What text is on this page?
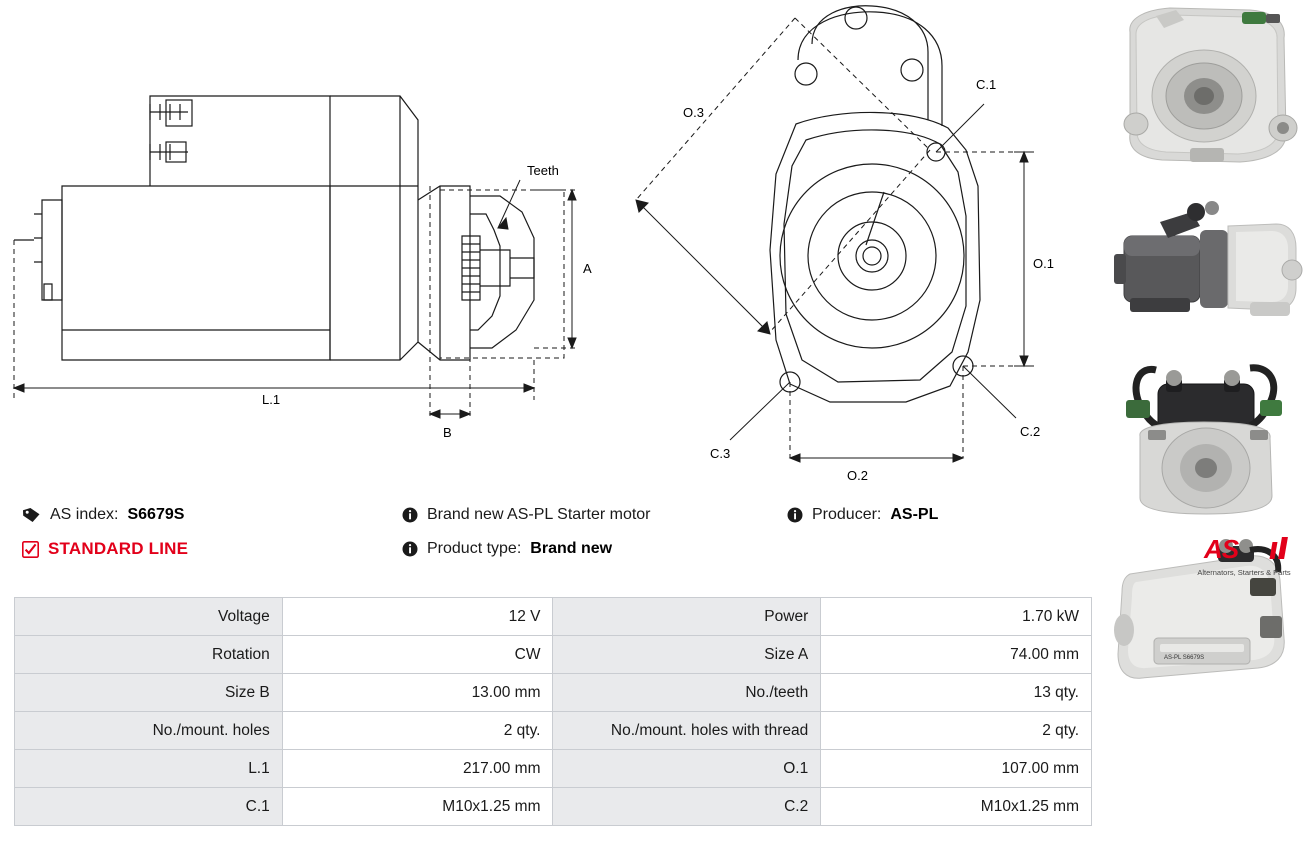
Teeth
A
L.1
B
O.1
O.2
O.3
C.1
C.2
C.3
AS-PL S6679S
AS index: S6679S	Brand new AS-PL Starter motor	Producer: AS-PL
STANDARD LINE	Product type: Brand new	AS
Alternators, Starters & Parts
Voltage	12 V	Power	1.70 kW
Rotation	CW	Size A	74.00 mm
Size B	13.00 mm	No./teeth	13 qty.
No./mount. holes	2 qty.	No./mount. holes with thread	2 qty.
L.1	217.00 mm	O.1	107.00 mm
C.1	M10x1.25 mm	C.2	M10x1.25 mm
